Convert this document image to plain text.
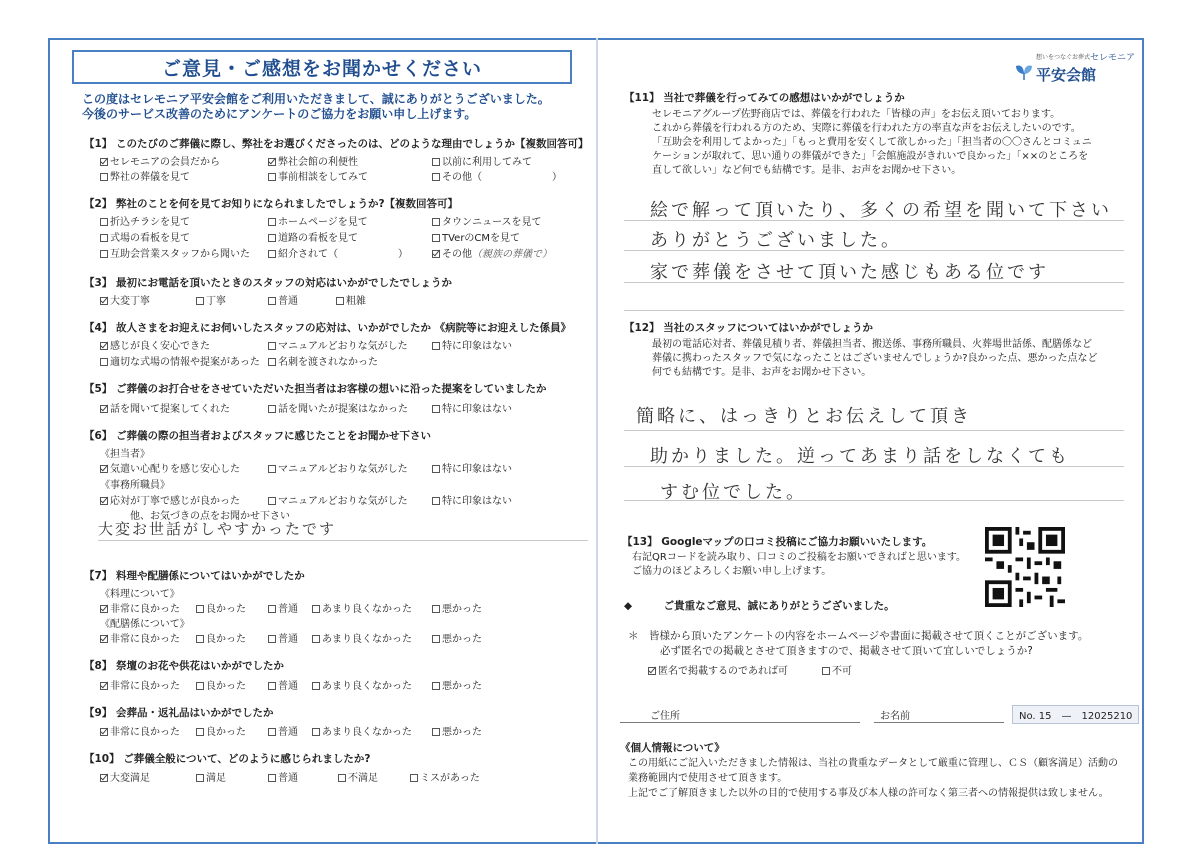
ご意見・ご感想をお聞かせください
この度はセレモニア平安会館をご利用いただきまして、誠にありがとうございました。
今後のサービス改善のためにアンケートのご協力をお願い申し上げます。
【1】 このたびのご葬儀に際し、弊社をお選びくださったのは、どのような理由でしょうか【複数回答可】
セレモニアの会員だから	弊社会館の利便性	以前に利用してみて
弊社の葬儀を見て	事前相談をしてみて	その他（　　　　　　　）
【2】 弊社のことを何を見てお知りになられましたでしょうか?【複数回答可】
折込チラシを見て	ホームページを見て	タウンニュースを見て
式場の看板を見て	道路の看板を見て	TVerのCMを見て
互助会営業スタッフから聞いた	紹介されて（　　　　　　）	その他（親族の葬儀で）
【3】 最初にお電話を頂いたときのスタッフの対応はいかがでしたでしょうか
大変丁寧	丁寧	普通	粗雑
【4】 故人さまをお迎えにお伺いしたスタッフの応対は、いかがでしたか 《病院等にお迎えした係員》
感じが良く安心できた	マニュアルどおりな気がした	特に印象はない
適切な式場の情報や提案があった	名刺を渡されなかった
【5】 ご葬儀のお打合せをさせていただいた担当者はお客様の想いに沿った提案をしていましたか
話を聞いて提案してくれた	話を聞いたが提案はなかった	特に印象はない
【6】 ご葬儀の際の担当者およびスタッフに感じたことをお聞かせ下さい
《担当者》
気遣い心配りを感じ安心した	マニュアルどおりな気がした	特に印象はない
《事務所職員》
応対が丁寧で感じが良かった	マニュアルどおりな気がした	特に印象はない
他、お気づきの点をお聞かせ下さい
大変お世話がしやすかったです
【7】 料理や配膳係についてはいかがでしたか
《料理について》
非常に良かった	良かった	普通	あまり良くなかった	悪かった
《配膳係について》
非常に良かった	良かった	普通	あまり良くなかった	悪かった
【8】 祭壇のお花や供花はいかがでしたか
非常に良かった	良かった	普通	あまり良くなかった	悪かった
【9】 会葬品・返礼品はいかがでしたか
非常に良かった	良かった	普通	あまり良くなかった	悪かった
【10】 ご葬儀全般について、どのように感じられましたか?
大変満足	満足	普通	不満足	ミスがあった
想いをつなぐお葬式 セレモニア
平安会館
【11】 当社で葬儀を行ってみての感想はいかがでしょうか
セレモニアグループ佐野商店では、葬儀を行われた「皆様の声」をお伝え頂いております。
これから葬儀を行われる方のため、実際に葬儀を行われた方の率直な声をお伝えしたいのです。
「互助会を利用してよかった」「もっと費用を安くして欲しかった」「担当者の〇〇さんとコミュニ
ケーションが取れて、思い通りの葬儀ができた」「会館施設がきれいで良かった」「××のところを
直して欲しい」など何でも結構です。是非、お声をお聞かせ下さい。
絵で解って頂いたり、多くの希望を聞いて下さい
ありがとうございました。
家で葬儀をさせて頂いた感じもある位です
【12】 当社のスタッフについてはいかがでしょうか
最初の電話応対者、葬儀見積り者、葬儀担当者、搬送係、事務所職員、火葬場世話係、配膳係など
葬儀に携わったスタッフで気になったことはございませんでしょうか?良かった点、悪かった点など
何でも結構です。是非、お声をお聞かせ下さい。
簡略に、はっきりとお伝えして頂き
助かりました。逆ってあまり話をしなくても
すむ位でした。
【13】 Googleマップの口コミ投稿にご協力お願いいたします。
右記QRコードを読み取り、口コミのご投稿をお願いできればと思います。
ご協力のほどよろしくお願い申し上げます。
◆　　　	ご貴重なご意見、誠にありがとうございました。
＊　 皆様から頂いたアンケートの内容をホームページや書面に掲載させて頂くことがございます。
必ず匿名での掲載とさせて頂きますので、掲載させて頂いて宜しいでしょうか?
匿名で掲載するのであれば可	不可
ご住所	お名前	No. 15　—　12025210
《個人情報について》
この用紙にご記入いただきました情報は、当社の貴重なデータとして厳重に管理し、ＣＳ（顧客満足）活動の
業務範囲内で使用させて頂きます。
上記でご了解頂きました以外の目的で使用する事及び本人様の許可なく第三者への情報提供は致しません。
